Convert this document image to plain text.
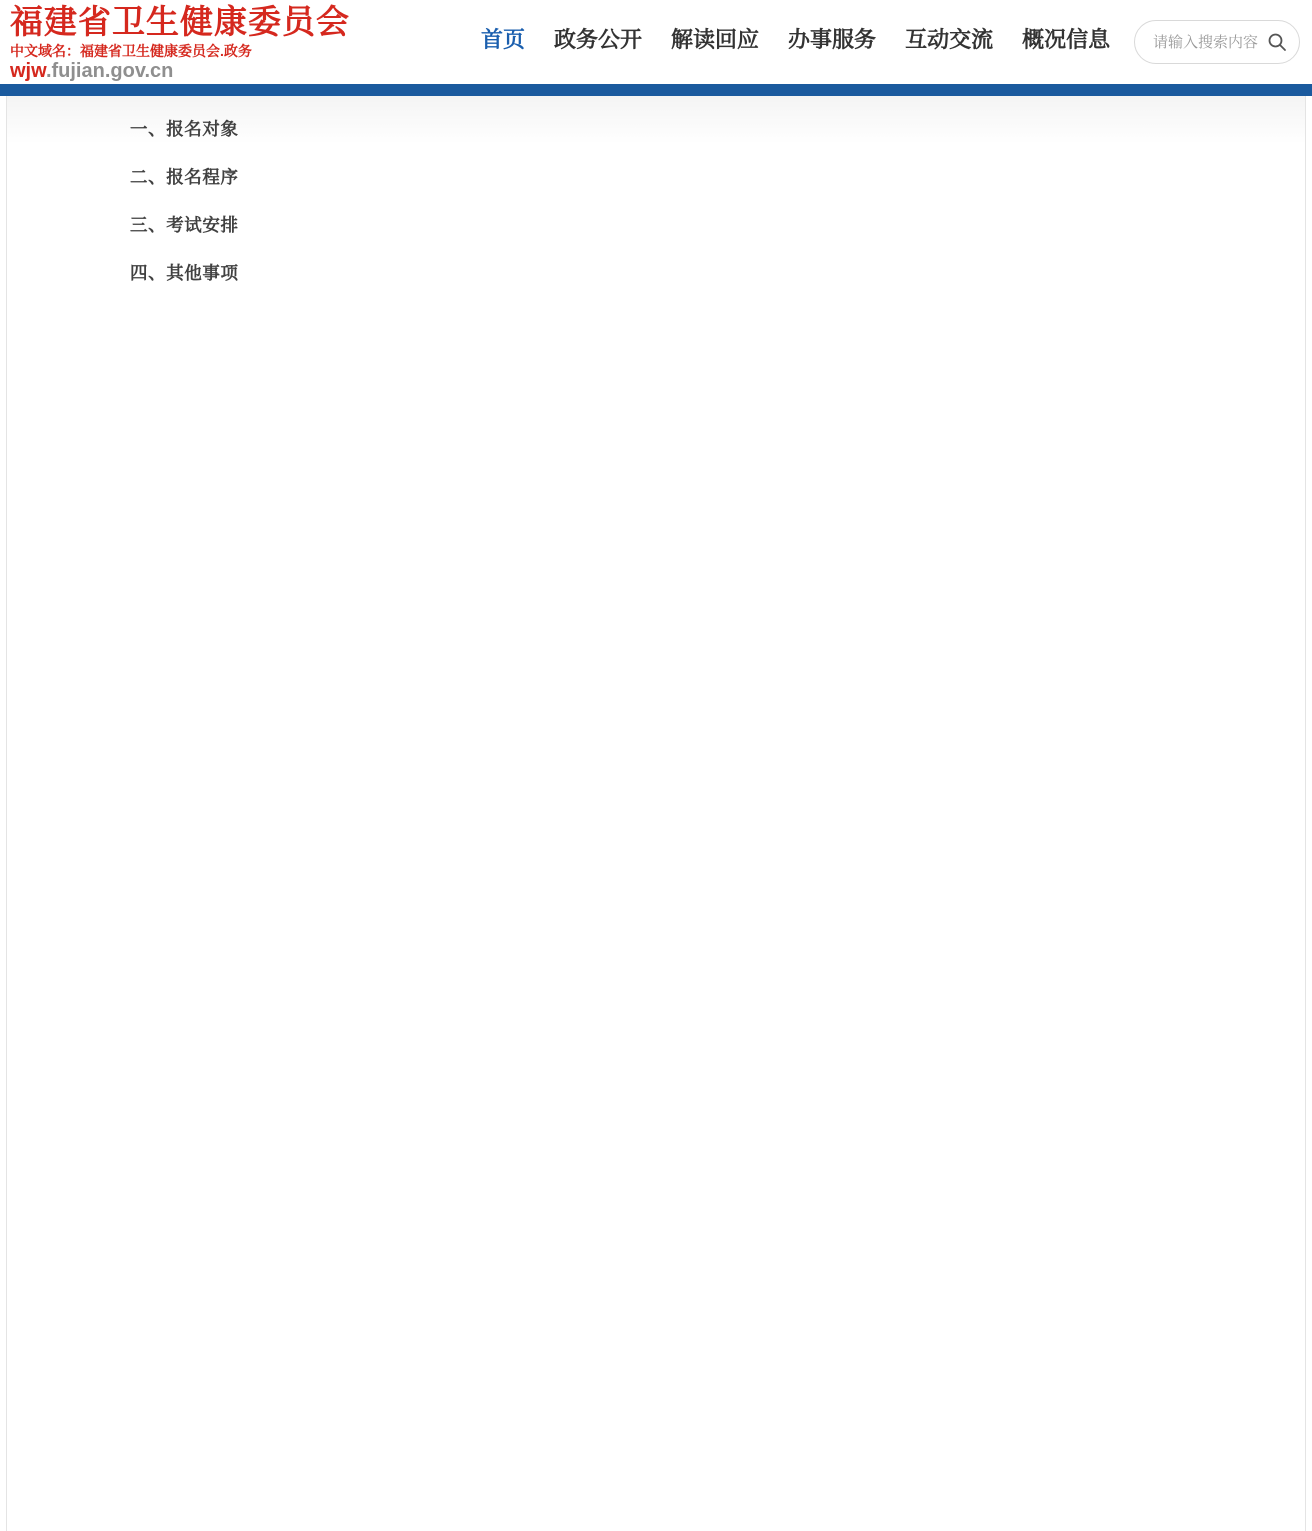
福建省卫生健康委员会
中文域名：福建省卫生健康委员会.政务
wjw.fujian.gov.cn
首页 政务公开 解读回应 办事服务 互动交流 概况信息
请输入搜索内容
一、报名对象
二、报名程序
三、考试安排
四、其他事项
